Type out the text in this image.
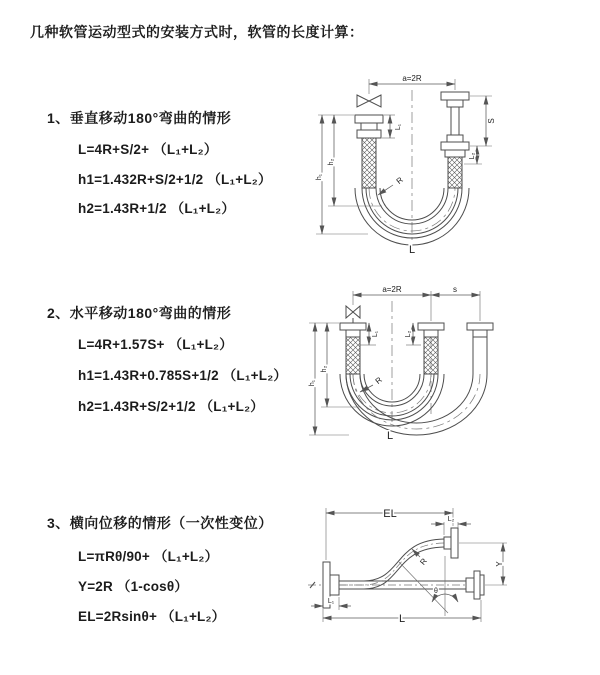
几种软管运动型式的安装方式时，软管的长度计算：
1、垂直移动180°弯曲的情形
L=4R+S/2+ （L₁+L₂）
h1=1.432R+S/2+1/2 （L₁+L₂）
h2=1.43R+1/2 （L₁+L₂）
2、水平移动180°弯曲的情形
L=4R+1.57S+ （L₁+L₂）
h1=1.43R+0.785S+1/2 （L₁+L₂）
h2=1.43R+S/2+1/2 （L₁+L₂）
3、横向位移的情形（一次性变位）
L=πRθ/90+ （L₁+L₂）
Y=2R （1-cosθ）
EL=2Rsinθ+ （L₁+L₂）
a=2R
L₁
S
L₂
h₂
h₁	R
L
a=2R	s
L₁	L₂
h₂
h₁	R
L
θ
EL	L₂
Y
R
L₁
L
